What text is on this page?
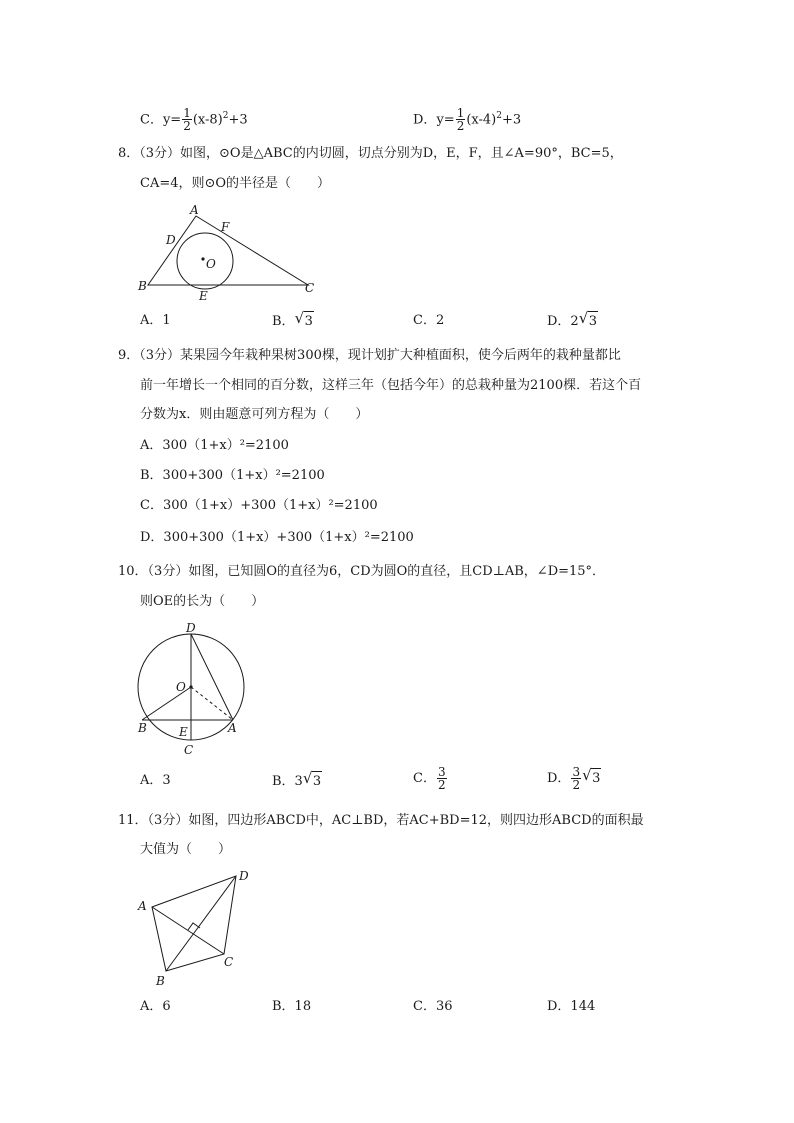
C．$y= \frac{1}{2} (x-8)^2+3$	D．$y= \frac{1}{2} (x-4)^2+3$
8．（3分）如图，⊙O是△ABC的内切圆，切点分别为D，E，F，且∠A=90°，BC=5，
CA=4，则⊙O的半径是（　　）
A
B	C
D
E
F
O
A．1	B． √ 3	C．2	D．2 √ 3
9．（3分）某果园今年栽种果树300棵，现计划扩大种植面积，使今后两年的栽种量都比
前一年增长一个相同的百分数，这样三年（包括今年）的总栽种量为2100棵．若这个百
分数为x．则由题意可列方程为（　　）
A．300（1+x）²=2100
B．300+300（1+x）²=2100
C．300（1+x）+300（1+x）²=2100
D．300+300（1+x）+300（1+x）²=2100
10．（3分）如图，已知圆O的直径为6，CD为圆O的直径，且CD⊥AB，∠D=15°．
则OE的长为（　　）
D
O
B	A
E
C
A．3	B．3 √ 3	C． $\frac{3}{2}$	D． $\frac{3}{2}$ √ 3
11．（3分）如图，四边形ABCD中，AC⊥BD，若AC+BD=12，则四边形ABCD的面积最
大值为（　　）
A
B
C
D
A．6	B．18	C．36	D．144
